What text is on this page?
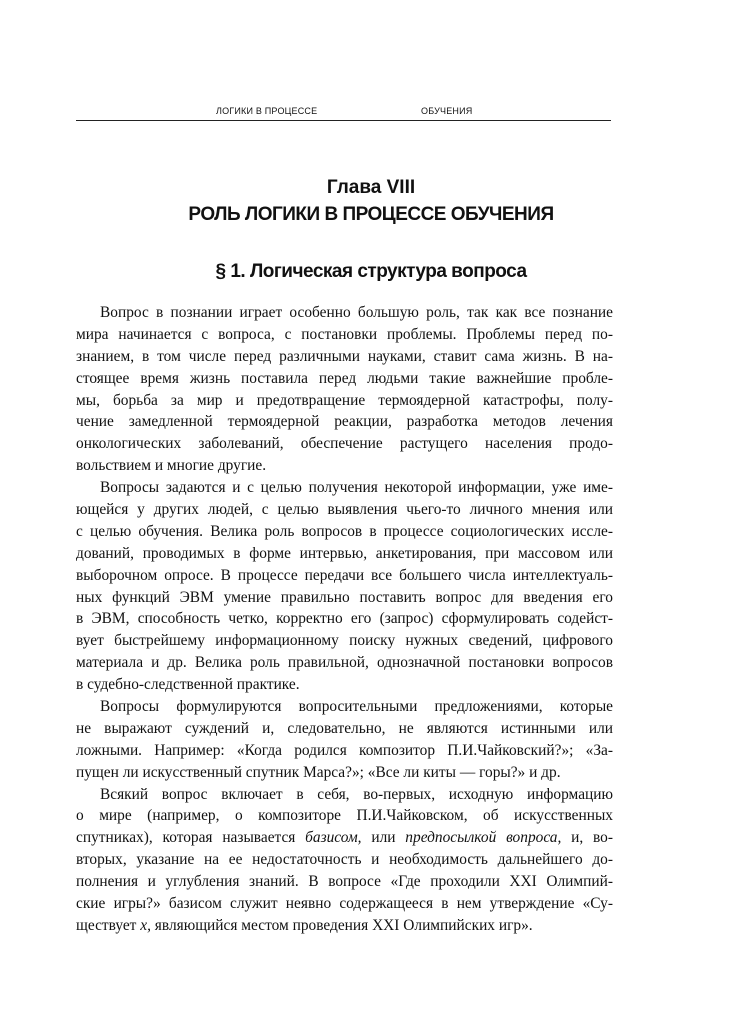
ЛОГИКИ В ПРОЦЕССЕ	ОБУЧЕНИЯ
Глава VIII
РОЛЬ ЛОГИКИ В ПРОЦЕССЕ ОБУЧЕНИЯ
§ 1. Логическая структура вопроса
Вопрос в познании играет особенно большую роль, так как все познание
мира начинается с вопроса, с постановки проблемы. Проблемы перед по-
знанием, в том числе перед различными науками, ставит сама жизнь. В на-
стоящее время жизнь поставила перед людьми такие важнейшие пробле-
мы, борьба за мир и предотвращение термоядерной катастрофы, полу-
чение замедленной термоядерной реакции, разработка методов лечения
онкологических заболеваний, обеспечение растущего населения продо-
вольствием и многие другие.
Вопросы задаются и с целью получения некоторой информации, уже име-
ющейся у других людей, с целью выявления чьего-то личного мнения или
с целью обучения. Велика роль вопросов в процессе социологических иссле-
дований, проводимых в форме интервью, анкетирования, при массовом или
выборочном опросе. В процессе передачи все большего числа интеллектуаль-
ных функций ЭВМ умение правильно поставить вопрос для введения его
в ЭВМ, способность четко, корректно его (запрос) сформулировать содейст-
вует быстрейшему информационному поиску нужных сведений, цифрового
материала и др. Велика роль правильной, однозначной постановки вопросов
в судебно-следственной практике.
Вопросы формулируются вопросительными предложениями, которые
не выражают суждений и, следовательно, не являются истинными или
ложными. Например: «Когда родился композитор П.И.Чайковский?»; «За-
пущен ли искусственный спутник Марса?»; «Все ли киты — горы?» и др.
Всякий вопрос включает в себя, во-первых, исходную информацию
о мире (например, о композиторе П.И.Чайковском, об искусственных
спутниках), которая называется базисом, или предпосылкой вопроса, и, во-
вторых, указание на ее недостаточность и необходимость дальнейшего до-
полнения и углубления знаний. В вопросе «Где проходили XXI Олимпий-
ские игры?» базисом служит неявно содержащееся в нем утверждение «Су-
ществует х, являющийся местом проведения XXI Олимпийских игр».
